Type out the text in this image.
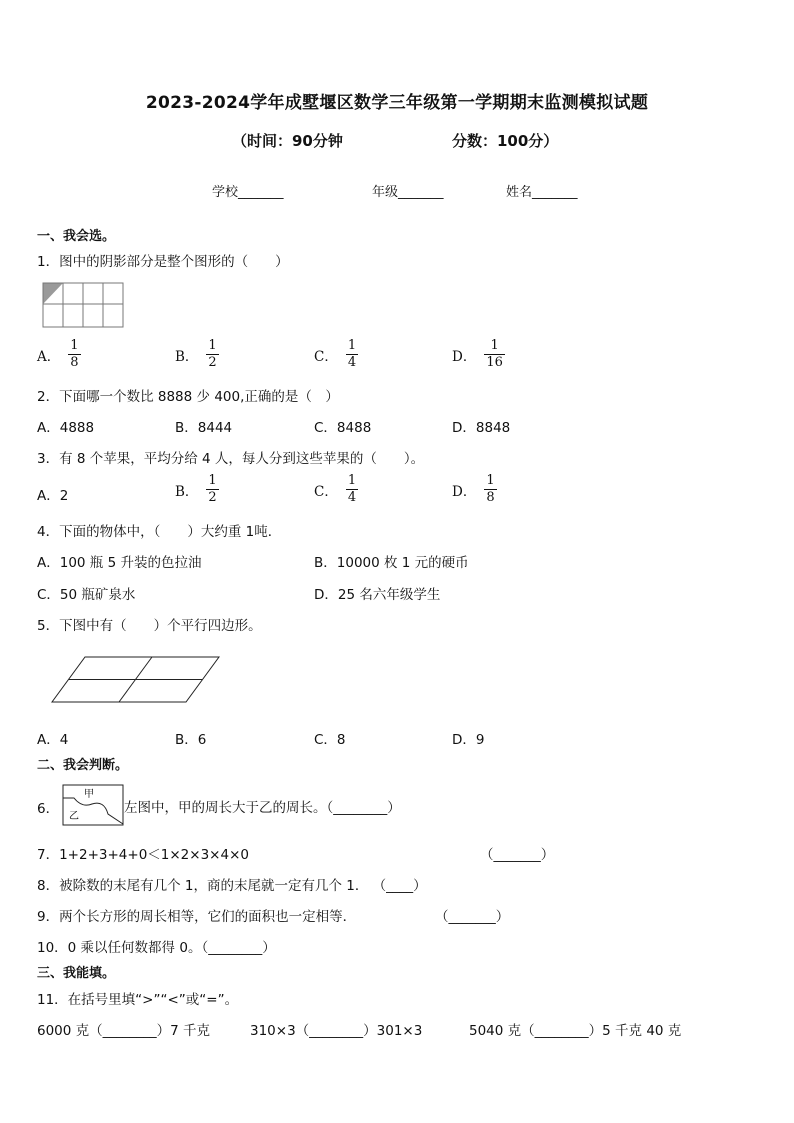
2023-2024学年成墅堰区数学三年级第一学期期末监测模拟试题
（时间：90分钟	分数：100分）
学校_______	年级_______	姓名_______
一、我会选。
1．图中的阴影部分是整个图形的（　　）
A． $\frac{1}{8}$	B． $\frac{1}{2}$	C． $\frac{1}{4}$	D． $\frac{1}{16}$
2．下面哪一个数比 8888 少 400,正确的是（　）
A．4888	B．8444	C．8488	D．8848
3．有 8 个苹果，平均分给 4 人，每人分到这些苹果的（　　）。
A．2	B． $\frac{1}{2}$	C． $\frac{1}{4}$	D． $\frac{1}{8}$
4．下面的物体中，（　　）大约重 1吨．
A．100 瓶 5 升装的色拉油	B．10000 枚 1 元的硬币
C．50 瓶矿泉水	D．25 名六年级学生
5．下图中有（　　）个平行四边形。
A．4	B．6	C．8	D．9
二、我会判断。
6．
甲
乙
左图中，甲的周长大于乙的周长。（________）
7．1+2+3+4+0＜1×2×3×4×0	（_______）
8．被除数的末尾有几个 1，商的末尾就一定有几个 1． （____）
9．两个长方形的周长相等，它们的面积也一定相等．	（_______）
10．0 乘以任何数都得 0。（________）
三、我能填。
11．在括号里填“>”“<”或“=”。
6000 克（________）7 千克	310×3（________）301×3	5040 克（________）5 千克 40 克
